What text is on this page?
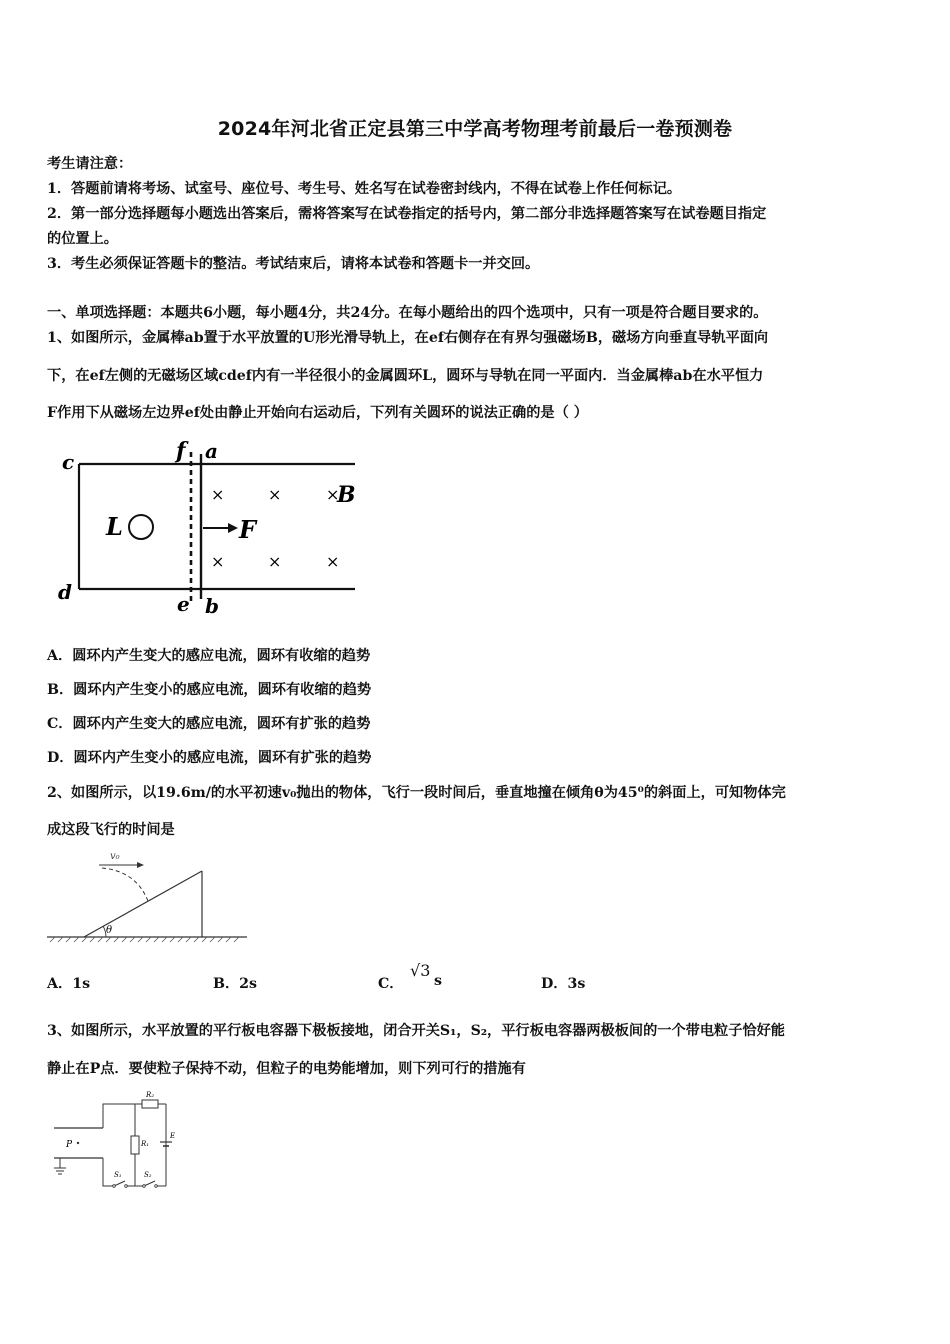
2024年河北省正定县第三中学高考物理考前最后一卷预测卷
考生请注意：
1．答题前请将考场、试室号、座位号、考生号、姓名写在试卷密封线内，不得在试卷上作任何标记。
2．第一部分选择题每小题选出答案后，需将答案写在试卷指定的括号内，第二部分非选择题答案写在试卷题目指定
的位置上。
3．考生必须保证答题卡的整洁。考试结束后，请将本试卷和答题卡一并交回。
一、单项选择题：本题共6小题，每小题4分，共24分。在每小题给出的四个选项中，只有一项是符合题目要求的。
1、如图所示，金属棒ab置于水平放置的U形光滑导轨上，在ef右侧存在有界匀强磁场B，磁场方向垂直导轨平面向
下，在ef左侧的无磁场区域cdef内有一半径很小的金属圆环L，圆环与导轨在同一平面内．当金属棒ab在水平恒力
F作用下从磁场左边界ef处由静止开始向右运动后，下列有关圆环的说法正确的是（ ）
c	f a
d	e b
L	F
×	×	×
B
×	×	×
A．圆环内产生变大的感应电流，圆环有收缩的趋势
B．圆环内产生变小的感应电流，圆环有收缩的趋势
C．圆环内产生变大的感应电流，圆环有扩张的趋势
D．圆环内产生变小的感应电流，圆环有扩张的趋势
2、如图所示，以19.6m/的水平初速v₀抛出的物体，飞行一段时间后，垂直地撞在倾角θ为45⁰的斜面上，可知物体完
成这段飞行的时间是
θ
v₀
A．1s	B．2s	C．
√3
s	D．3s
3、如图所示，水平放置的平行板电容器下极板接地，闭合开关S₁，S₂，平行板电容器两极板间的一个带电粒子恰好能
静止在P点．要使粒子保持不动，但粒子的电势能增加，则下列可行的措施有
P
R₂
R₁
E
S₁	S₂
